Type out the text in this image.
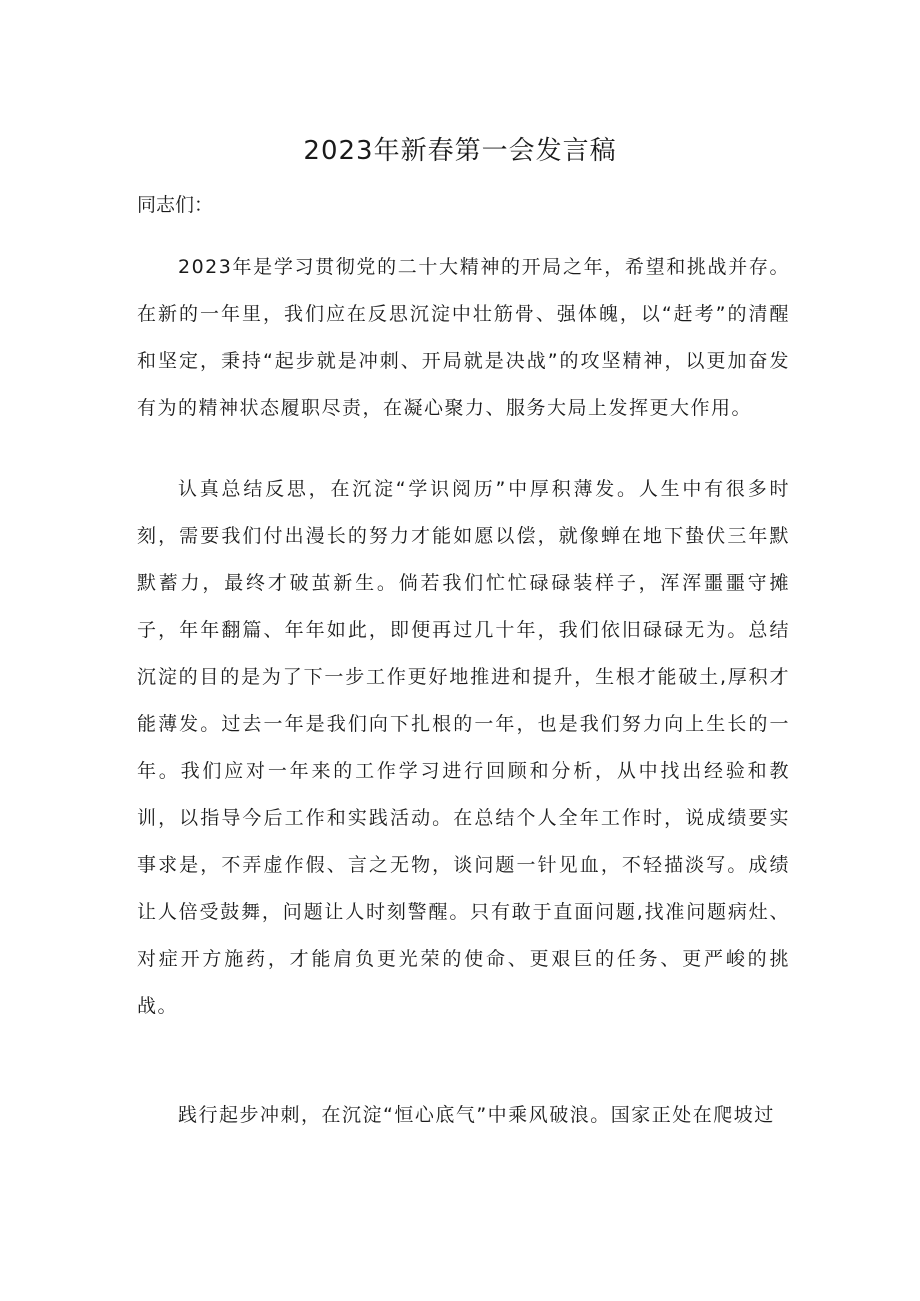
2023年新春第一会发言稿

同志们：

2023年是学习贯彻党的二十大精神的开局之年，希望和挑战并存。在新的一年里，我们应在反思沉淀中壮筋骨、强体魄，以“赶考”的清醒和坚定，秉持“起步就是冲刺、开局就是决战”的攻坚精神，以更加奋发有为的精神状态履职尽责，在凝心聚力、服务大局上发挥更大作用。

认真总结反思，在沉淀“学识阅历”中厚积薄发。人生中有很多时刻，需要我们付出漫长的努力才能如愿以偿，就像蝉在地下蛰伏三年默默蓄力，最终才破茧新生。倘若我们忙忙碌碌装样子，浑浑噩噩守摊子，年年翻篇、年年如此，即便再过几十年，我们依旧碌碌无为。总结沉淀的目的是为了下一步工作更好地推进和提升，生根才能破土,厚积才能薄发。过去一年是我们向下扎根的一年，也是我们努力向上生长的一年。我们应对一年来的工作学习进行回顾和分析，从中找出经验和教训，以指导今后工作和实践活动。在总结个人全年工作时，说成绩要实事求是，不弄虚作假、言之无物，谈问题一针见血，不轻描淡写。成绩让人倍受鼓舞，问题让人时刻警醒。只有敢于直面问题,找准问题病灶、对症开方施药，才能肩负更光荣的使命、更艰巨的任务、更严峻的挑战。

践行起步冲刺，在沉淀“恒心底气”中乘风破浪。国家正处在爬坡过
